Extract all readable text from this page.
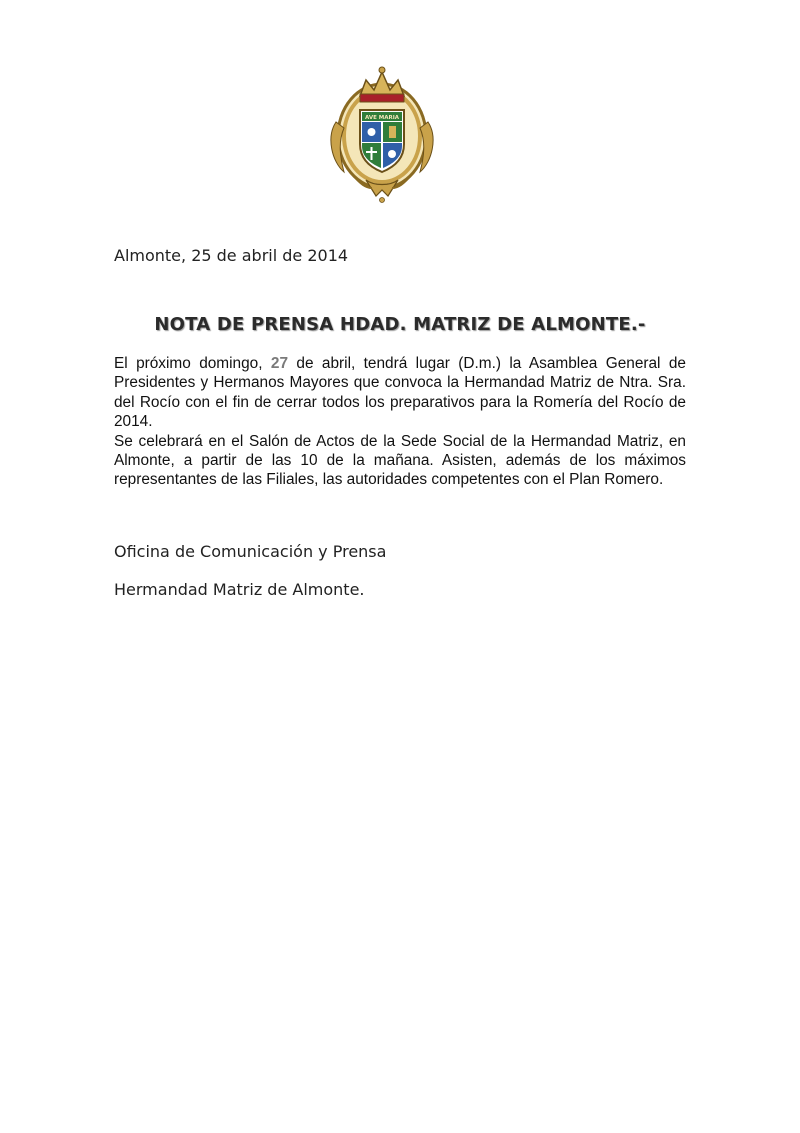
AVE MARIA
Almonte, 25 de abril de 2014
NOTA DE PRENSA HDAD. MATRIZ DE ALMONTE.-

El próximo domingo, 27 de abril, tendrá lugar (D.m.) la Asamblea General de Presidentes y Hermanos Mayores que convoca la Hermandad Matriz de Ntra. Sra. del Rocío con el fin de cerrar todos los preparativos para la Romería del Rocío de 2014.

Se celebrará en el Salón de Actos de la Sede Social de la Hermandad Matriz, en Almonte, a partir de las 10 de la mañana. Asisten, además de los máximos representantes de las Filiales, las autoridades competentes con el Plan Romero.

Oficina de Comunicación y Prensa
Hermandad Matriz de Almonte.
